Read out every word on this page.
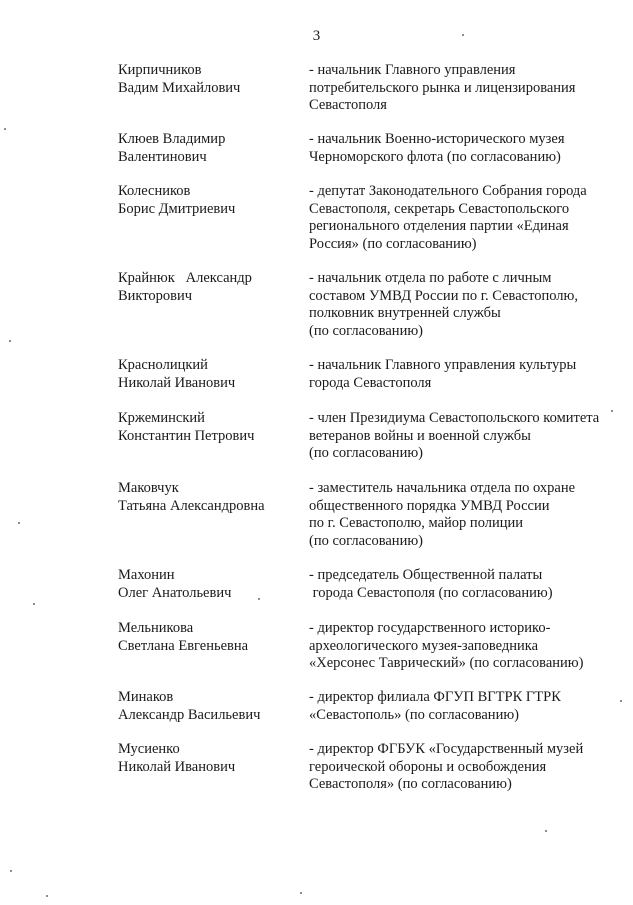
3
Кирпичников
Вадим Михайлович
- начальник Главного управления
потребительского рынка и лицензирования
Севастополя
Клюев Владимир
Валентинович
- начальник Военно-исторического музея
Черноморского флота (по согласованию)
Колесников
Борис Дмитриевич
- депутат Законодательного Собрания города
Севастополя, секретарь Севастопольского
регионального отделения партии «Единая
Россия» (по согласованию)
Крайнюк   Александр
Викторович
- начальник отдела по работе с личным
составом УМВД России по г. Севастополю,
полковник внутренней службы
(по согласованию)
Краснолицкий
Николай Иванович
- начальник Главного управления культуры
города Севастополя
Кржеминский
Константин Петрович
- член Президиума Севастопольского комитета
ветеранов войны и военной службы
(по согласованию)
Маковчук
Татьяна Александровна
- заместитель начальника отдела по охране
общественного порядка УМВД России
по г. Севастополю, майор полиции
(по согласованию)
Махонин
Олег Анатольевич
- председатель Общественной палаты
города Севастополя (по согласованию)
Мельникова
Светлана Евгеньевна
- директор государственного историко-
археологического музея-заповедника
«Херсонес Таврический» (по согласованию)
Минаков
Александр Васильевич
- директор филиала ФГУП ВГТРК ГТРК
«Севастополь» (по согласованию)
Мусиенко
Николай Иванович
- директор ФГБУК «Государственный музей
героической обороны и освобождения
Севастополя» (по согласованию)
